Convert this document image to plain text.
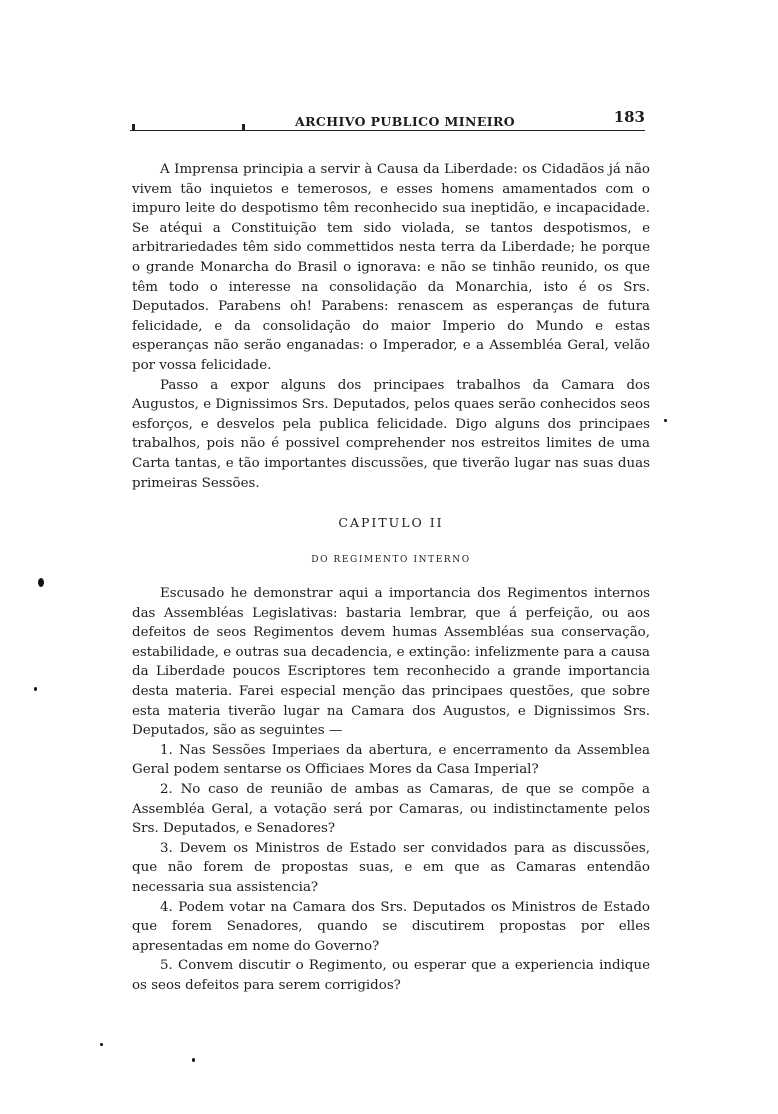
ARCHIVO PUBLICO MINEIRO	183

A Imprensa principia a servir à Causa da Liberdade: os Cidadãos já não vivem tão inquietos e temerosos, e esses homens amamentados com o impuro leite do despotismo têm reconhecido sua ineptidão, e incapacidade. Se atéqui a Constituição tem sido violada, se tantos despotismos, e arbitrariedades têm sido commettidos nesta terra da Liberdade; he porque o grande Monarcha do Brasil o ignorava: e não se tinhão reunido, os que têm todo o interesse na consolidação da Monarchia, isto é os Srs. Deputados. Parabens oh! Parabens: renascem as esperanças de futura felicidade, e da consolidação do maior Imperio do Mundo e estas esperanças não serão enganadas: o Imperador, e a Assembléa Geral, velão por vossa felicidade.

Passo a expor alguns dos principaes trabalhos da Camara dos Augustos, e Dignissimos Srs. Deputados, pelos quaes serão conhecidos seos esforços, e desvelos pela publica felicidade. Digo alguns dos principaes trabalhos, pois não é possivel comprehender nos estreitos limites de uma Carta tantas, e tão importantes discussões, que tiverão lugar nas suas duas primeiras Sessões.

CAPITULO II
DO REGIMENTO INTERNO

Escusado he demonstrar aqui a importancia dos Regimentos internos das Assembléas Legislativas: bastaria lembrar, que á perfeição, ou aos defeitos de seos Regimentos devem humas Assembléas sua conservação, estabilidade, e outras sua decadencia, e extinção: infelizmente para a causa da Liberdade poucos Escriptores tem reconhecido a grande importancia desta materia. Farei especial menção das principaes questões, que sobre esta materia tiverão lugar na Camara dos Augustos, e Dignissimos Srs. Deputados, são as seguintes —

1. Nas Sessões Imperiaes da abertura, e encerramento da Assemblea Geral podem sentarse os Officiaes Mores da Casa Imperial?

2. No caso de reunião de ambas as Camaras, de que se compõe a Assembléa Geral, a votação será por Camaras, ou indistinctamente pelos Srs. Deputados, e Senadores?

3. Devem os Ministros de Estado ser convidados para as discussões, que não forem de propostas suas, e em que as Camaras entendão necessaria sua assistencia?

4. Podem votar na Camara dos Srs. Deputados os Ministros de Estado que forem Senadores, quando se discutirem propostas por elles apresentadas em nome do Governo?

5. Convem discutir o Regimento, ou esperar que a experiencia indique os seos defeitos para serem corrigidos?
